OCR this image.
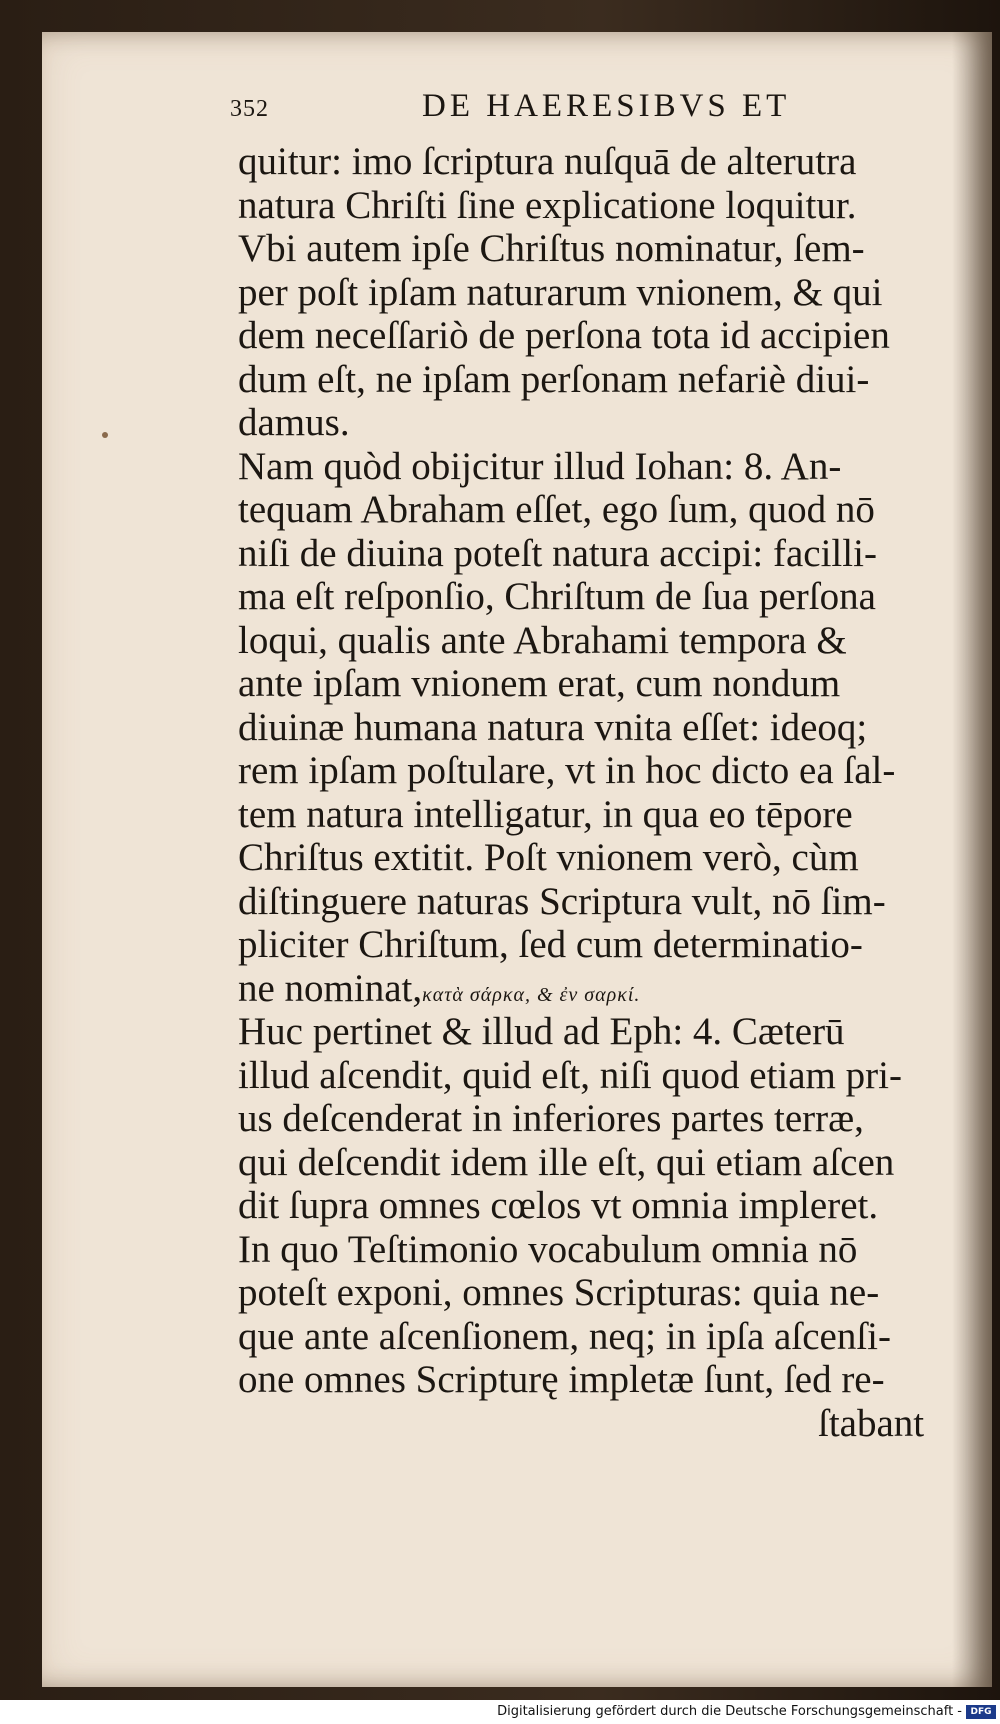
352	DE HAERESIBVS ET
quitur: imo ſcriptura nuſquā de alterutra
natura Chriſti ſine explicatione loquitur.
Vbi autem ipſe Chriſtus nominatur, ſem-
per poſt ipſam naturarum vnionem, & qui
dem neceſſariò de perſona tota id accipien
dum eſt, ne ipſam perſonam nefariè diui-
damus.
Nam quòd obijcitur illud Iohan: 8. An-
tequam Abraham eſſet, ego ſum, quod nō
niſi de diuina poteſt natura accipi: facilli-
ma eſt reſponſio, Chriſtum de ſua perſona
loqui, qualis ante Abrahami tempora &
ante ipſam vnionem erat, cum nondum
diuinæ humana natura vnita eſſet: ideoq;
rem ipſam poſtulare, vt in hoc dicto ea ſal-
tem natura intelligatur, in qua eo tēpore
Chriſtus extitit. Poſt vnionem verò, cùm
diſtinguere naturas Scriptura vult, nō ſim-
pliciter Chriſtum, ſed cum determinatio-
ne nominat,κατὰ σάρκα, & ἐν σαρκί.
Huc pertinet & illud ad Eph: 4. Cæterū
illud aſcendit, quid eſt, niſi quod etiam pri-
us deſcenderat in inferiores partes terræ,
qui deſcendit idem ille eſt, qui etiam aſcen
dit ſupra omnes cœlos vt omnia impleret.
In quo Teſtimonio vocabulum omnia nō
poteſt exponi, omnes Scripturas: quia ne-
que ante aſcenſionem, neq; in ipſa aſcenſi-
one omnes Scripturę impletæ ſunt, ſed re-
ſtabant
Digitalisierung gefördert durch die Deutsche Forschungsgemeinschaft - DFG
